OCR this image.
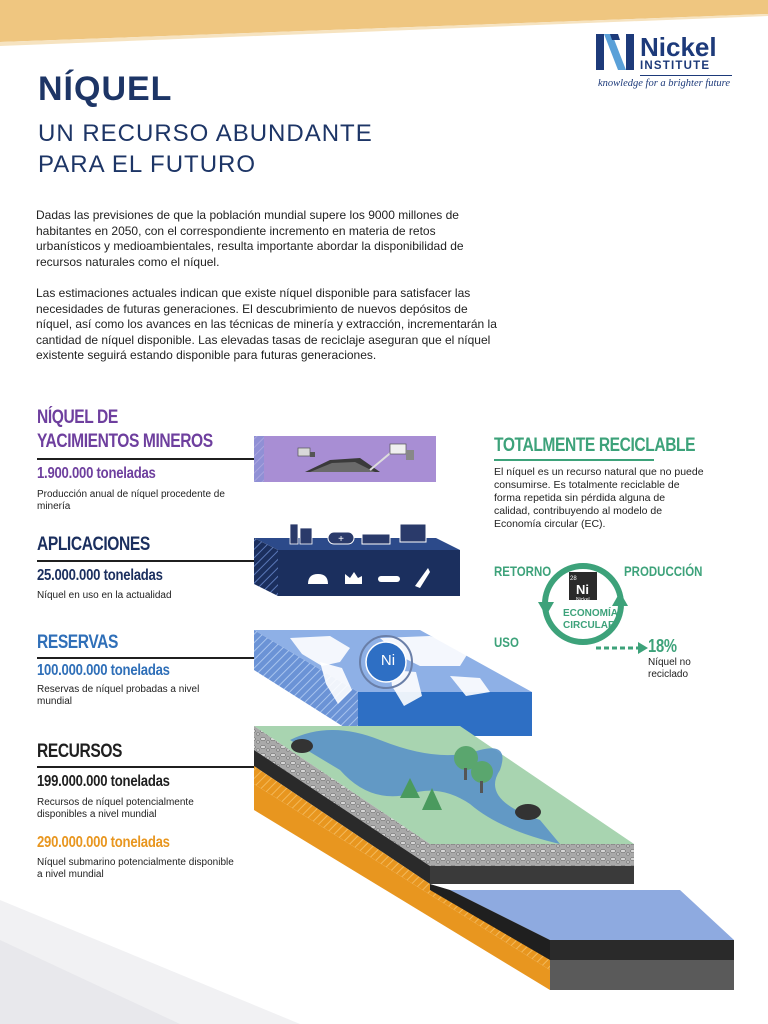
Nickel
INSTITUTE
knowledge for a brighter future
NÍQUEL
UN RECURSO ABUNDANTE
PARA EL FUTURO
Dadas las previsiones de que la población mundial supere los 9000 millones de habitantes en 2050, con el correspondiente incremento en materia de retos urbanísticos y medioambientales, resulta importante abordar la disponibilidad de recursos naturales como el níquel.
Las estimaciones actuales indican que existe níquel disponible para satisfacer las necesidades de futuras generaciones. El descubrimiento de nuevos depósitos de níquel, así como los avances en las técnicas de minería y extracción, incrementarán la cantidad de níquel disponible. Las elevadas tasas de reciclaje aseguran que el níquel existente seguirá estando disponible para futuras generaciones.
NÍQUEL DE
YACIMIENTOS MINEROS
1.900.000 toneladas
Producción anual de níquel procedente de minería
APLICACIONES
25.000.000 toneladas
Níquel en uso en la actualidad
RESERVAS
100.000.000 toneladas
Reservas de níquel probadas a nivel mundial
RECURSOS
199.000.000 toneladas
Recursos de níquel potencialmente disponibles a nivel mundial
290.000.000 toneladas
Níquel submarino potencialmente disponible a nivel mundial
+
Ni
TOTALMENTE RECICLABLE
El níquel es un recurso natural que no puede consumirse. Es totalmente reciclable de forma repetida sin pérdida alguna de calidad, contribuyendo al modelo de Economía circular (EC).
28
Ni
Nickel
ECONOMÍA
CIRCULAR
RETORNO	PRODUCCIÓN
USO	18%
Níquel no reciclado
